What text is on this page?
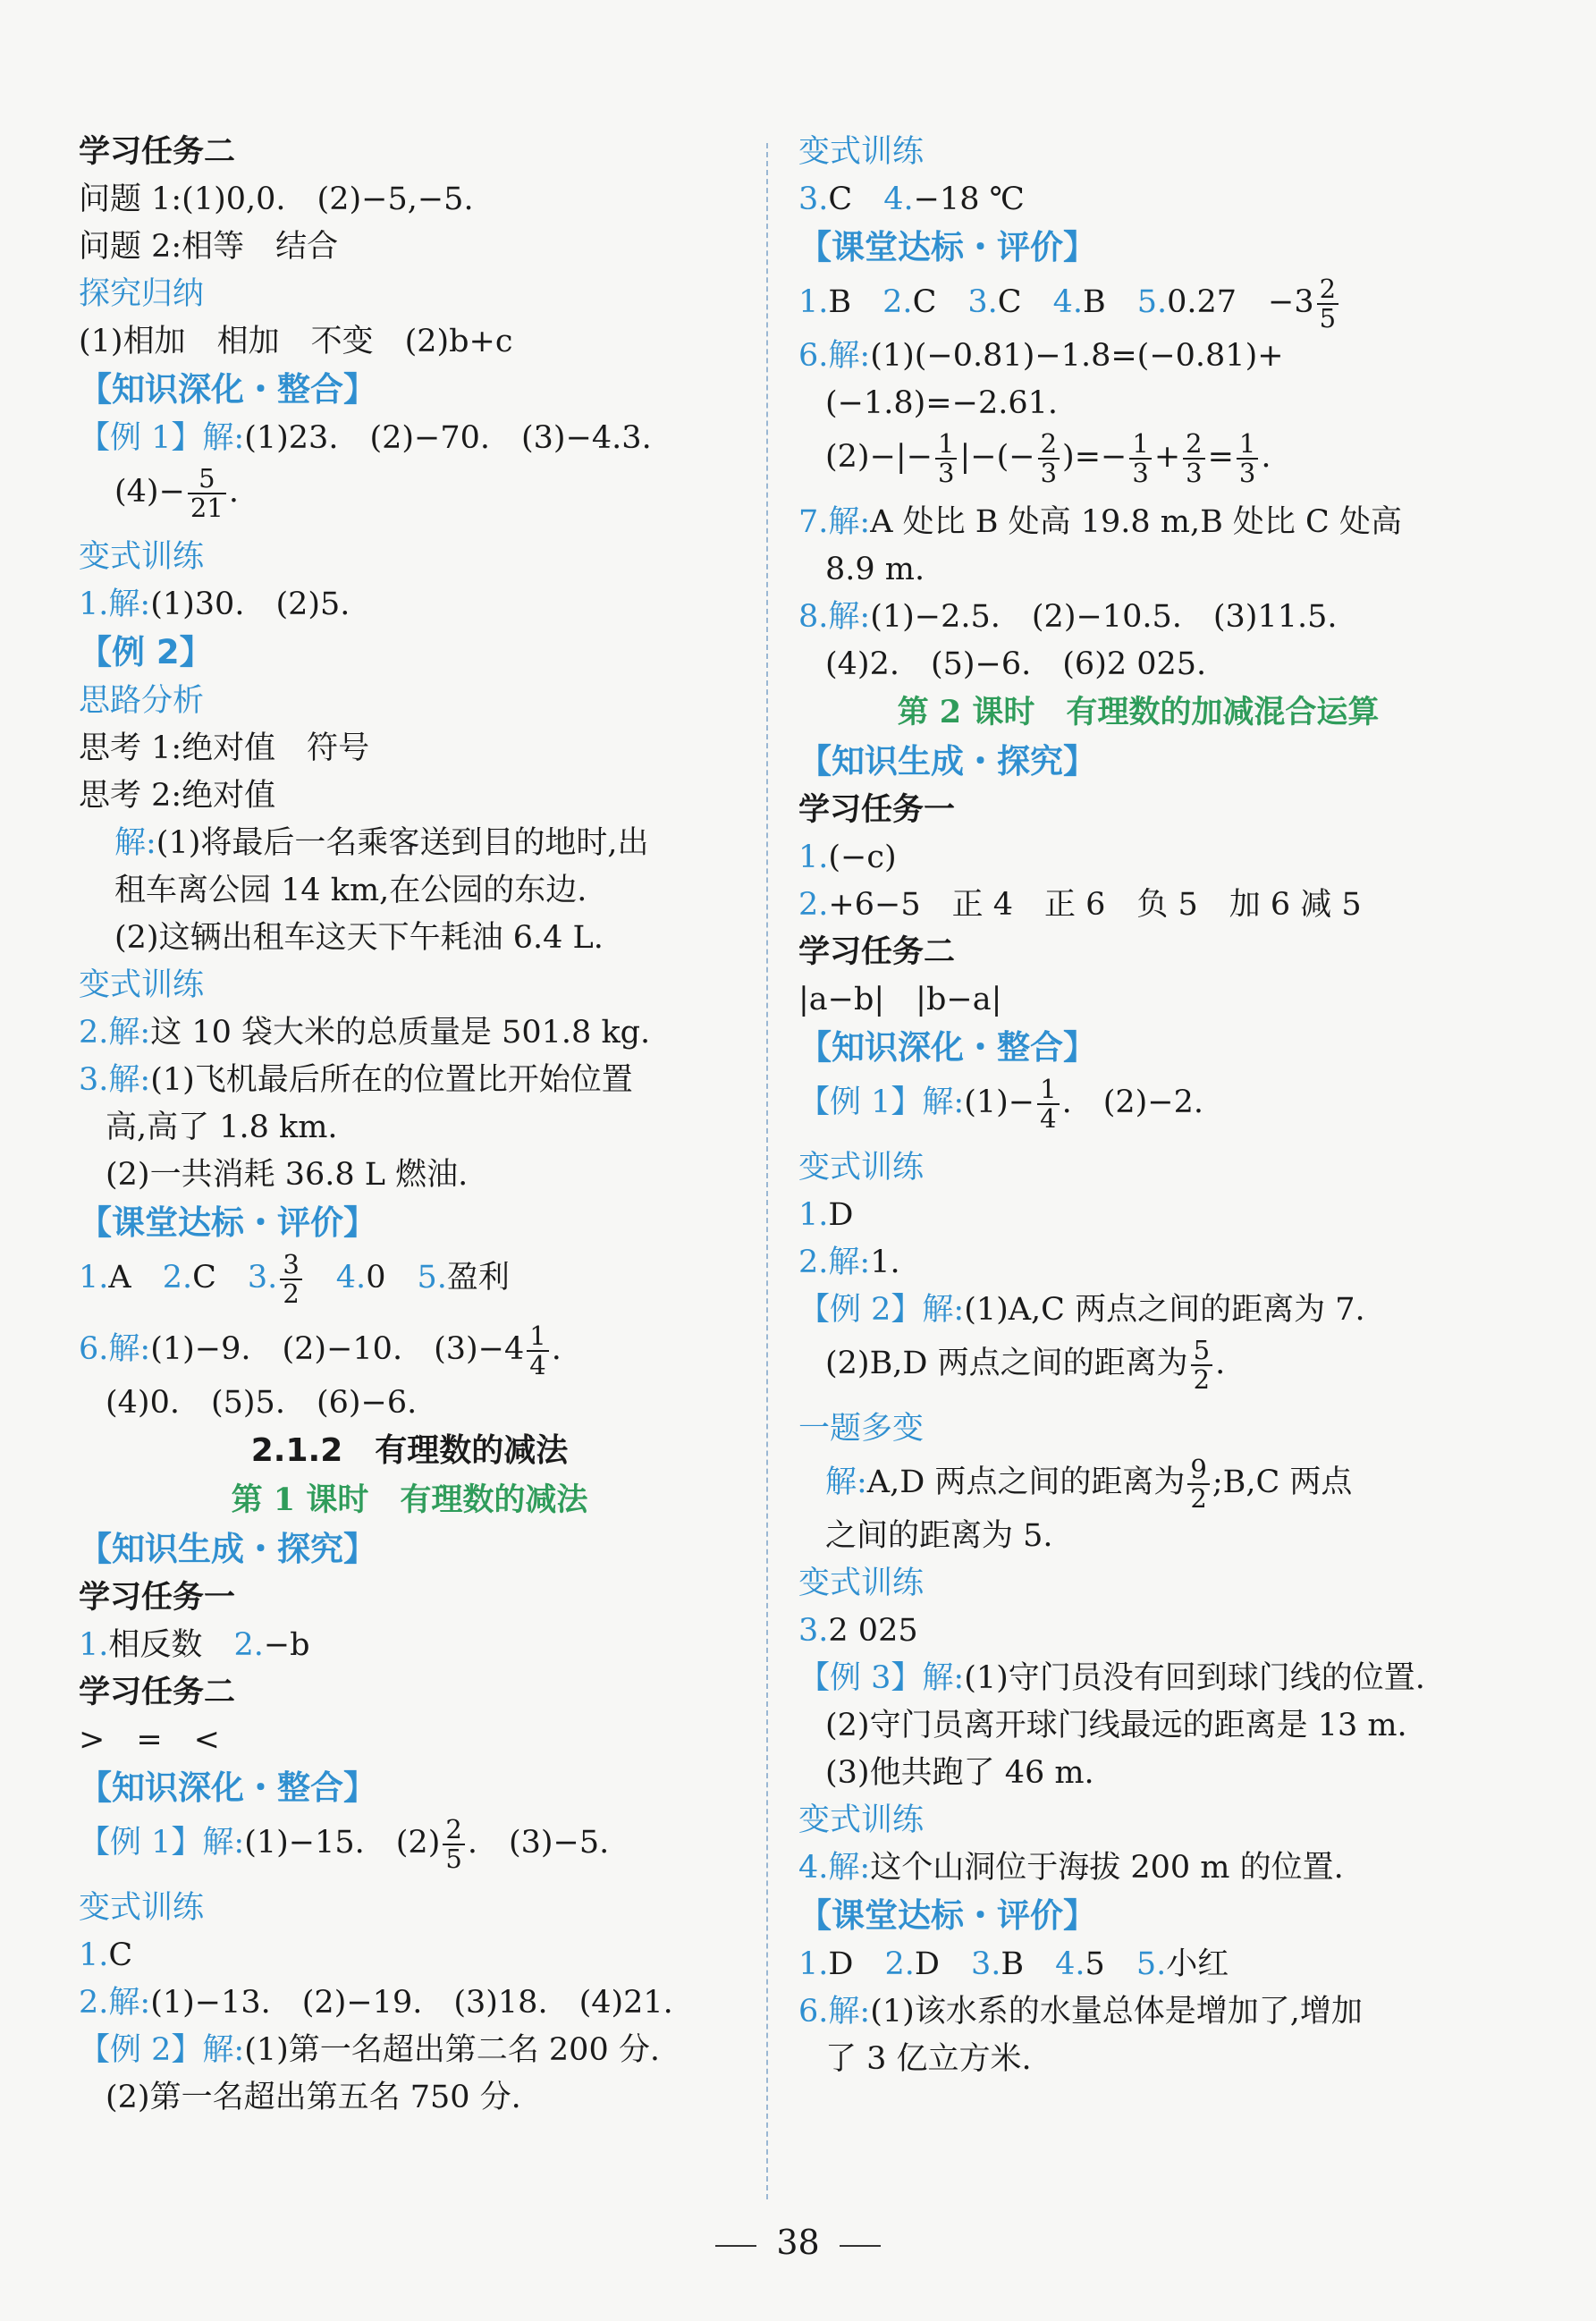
学习任务二
问题 1:(1)0,0.　(2)−5,−5.
问题 2:相等　结合
探究归纳
(1)相加　相加　不变　(2)b+c
【知识深化・整合】
【例 1】解:(1)23.　(2)−70.　(3)−4.3.
$(4)- \frac{5}{21}$ .
变式训练
1.解:(1)30.　(2)5.
【例 2】
思路分析
思考 1:绝对值　符号
思考 2:绝对值
解:(1)将最后一名乘客送到目的地时,出
租车离公园 14 km,在公园的东边.
(2)这辆出租车这天下午耗油 6.4 L.
变式训练
2.解:这 10 袋大米的总质量是 501.8 kg.
3.解:(1)飞机最后所在的位置比开始位置
高,高了 1.8 km.
(2)一共消耗 36.8 L 燃油.
【课堂达标・评价】
1.A　 2.C　 3. $\frac{3}{2}$
　 4.0　 5.盈利
6.解:(1)−9.　(2)−10.　$(3)-4 \frac{1}{4}$ .
(4)0.　(5)5.　(6)−6.
2.1.2　有理数的减法
第 1 课时　有理数的减法
【知识生成・探究】
学习任务一
1.相反数　 2.−b
学习任务二
>　=　<
【知识深化・整合】
【例 1】解:(1)−15.　$(2) \frac{2}{5}$ .　(3)−5.
变式训练
1.C
2.解:(1)−13.　(2)−19.　(3)18.　(4)21.
【例 2】解:(1)第一名超出第二名 200 分.
(2)第一名超出第五名 750 分.
变式训练
3.C　 4.−18 ℃
【课堂达标・评价】
1.B　 2.C　 3.C　 4.B　 5.0.27　$-3 \frac{2}{5}$
6.解:(1)(−0.81)−1.8=(−0.81)+
(−1.8)=−2.61.
$(2)-|- \frac{1}{3}$ |−(− $\frac{2}{3}$ )=− $\frac{1}{3} + \frac{2}{3} = \frac{1}{3}$ .
7.解:A 处比 B 处高 19.8 m,B 处比 C 处高
8.9 m.
8.解:(1)−2.5.　(2)−10.5.　(3)11.5.
(4)2.　(5)−6.　(6)2 025.
第 2 课时　有理数的加减混合运算
【知识生成・探究】
学习任务一
1.(−c)
2.+6−5　正 4　正 6　负 5　加 6 减 5
学习任务二
|a−b|　|b−a|
【知识深化・整合】
【例 1】解:(1)− $\frac{1}{4}$ .　(2)−2.
变式训练
1.D
2.解:1.
【例 2】解:(1)A,C 两点之间的距离为 7.
(2)B,D 两点之间的距离为 $\frac{5}{2}$ .
一题多变
解:A,D 两点之间的距离为 $\frac{9}{2}$ ;B,C 两点
之间的距离为 5.
变式训练
3.2 025
【例 3】解:(1)守门员没有回到球门线的位置.
(2)守门员离开球门线最远的距离是 13 m.
(3)他共跑了 46 m.
变式训练
4.解:这个山洞位于海拔 200 m 的位置.
【课堂达标・评价】
1.D　 2.D　 3.B　 4.5　 5.小红
6.解:(1)该水系的水量总体是增加了,增加
了 3 亿立方米.
38
